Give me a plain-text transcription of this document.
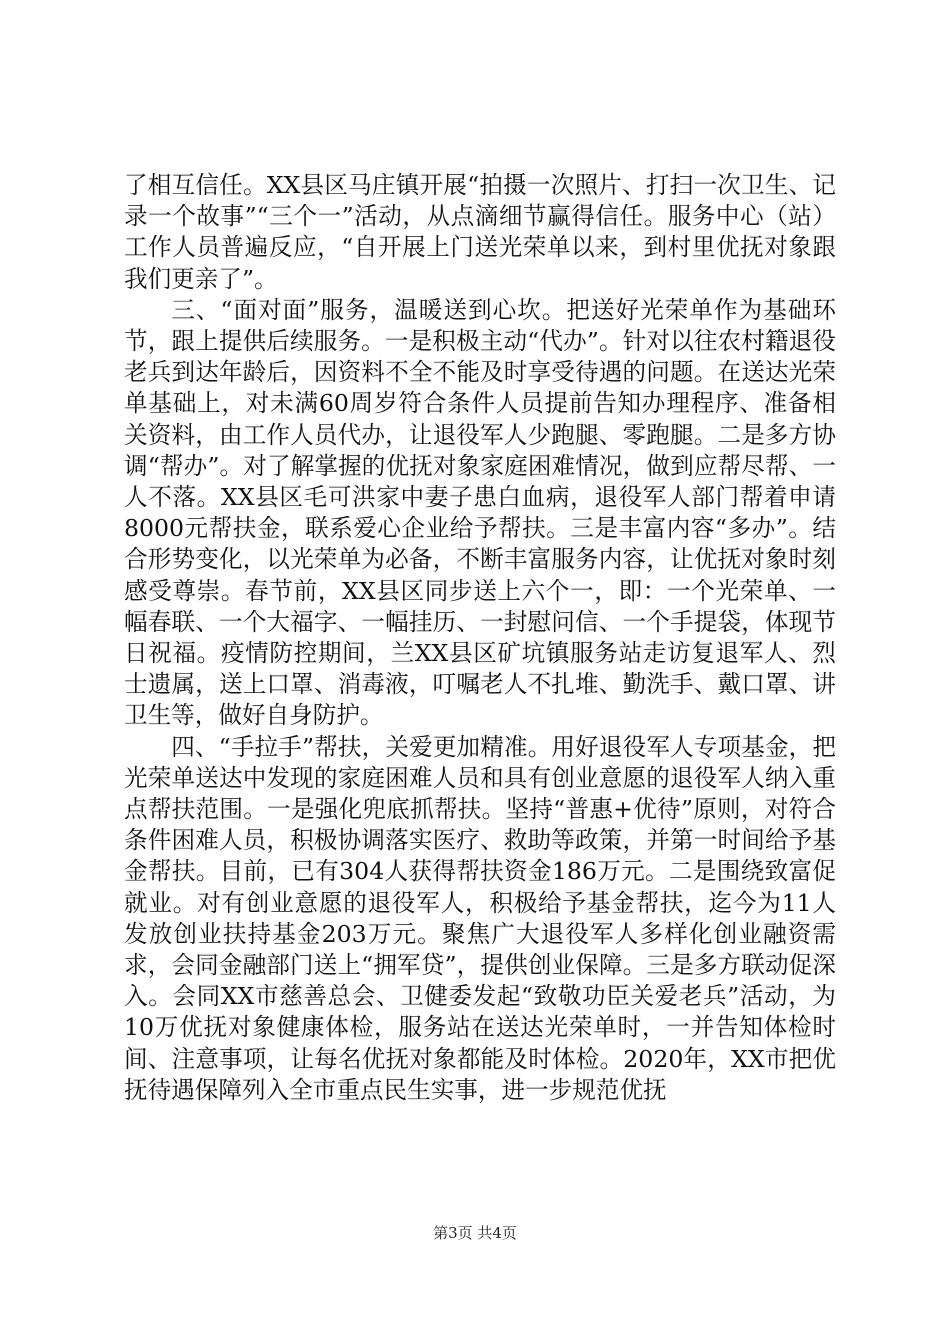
了相互信任。XX县区马庄镇开展“拍摄一次照片、打扫一次卫生、记录一个故事”“三个一”活动，从点滴细节赢得信任。服务中心（站）工作人员普遍反应，“自开展上门送光荣单以来，到村里优抚对象跟我们更亲了”。

三、“面对面”服务，温暖送到心坎。把送好光荣单作为基础环节，跟上提供后续服务。一是积极主动“代办”。针对以往农村籍退役老兵到达年龄后，因资料不全不能及时享受待遇的问题。在送达光荣单基础上，对未满60周岁符合条件人员提前告知办理程序、准备相关资料，由工作人员代办，让退役军人少跑腿、零跑腿。二是多方协调“帮办”。对了解掌握的优抚对象家庭困难情况，做到应帮尽帮、一人不落。XX县区毛可洪家中妻子患白血病，退役军人部门帮着申请8000元帮扶金，联系爱心企业给予帮扶。三是丰富内容“多办”。结合形势变化，以光荣单为必备，不断丰富服务内容，让优抚对象时刻感受尊崇。春节前，XX县区同步送上六个一，即：一个光荣单、一幅春联、一个大福字、一幅挂历、一封慰问信、一个手提袋，体现节日祝福。疫情防控期间，兰XX县区矿坑镇服务站走访复退军人、烈士遗属，送上口罩、消毒液，叮嘱老人不扎堆、勤洗手、戴口罩、讲卫生等，做好自身防护。

四、“手拉手”帮扶，关爱更加精准。用好退役军人专项基金，把光荣单送达中发现的家庭困难人员和具有创业意愿的退役军人纳入重点帮扶范围。一是强化兜底抓帮扶。坚持“普惠+优待”原则，对符合条件困难人员，积极协调落实医疗、救助等政策，并第一时间给予基金帮扶。目前，已有304人获得帮扶资金186万元。二是围绕致富促就业。对有创业意愿的退役军人，积极给予基金帮扶，迄今为11人发放创业扶持基金203万元。聚焦广大退役军人多样化创业融资需求，会同金融部门送上“拥军贷”，提供创业保障。三是多方联动促深入。会同XX市慈善总会、卫健委发起“致敬功臣关爱老兵”活动，为10万优抚对象健康体检，服务站在送达光荣单时，一并告知体检时间、注意事项，让每名优抚对象都能及时体检。2020年，XX市把优抚待遇保障列入全市重点民生实事，进一步规范优抚

第3页 共4页
